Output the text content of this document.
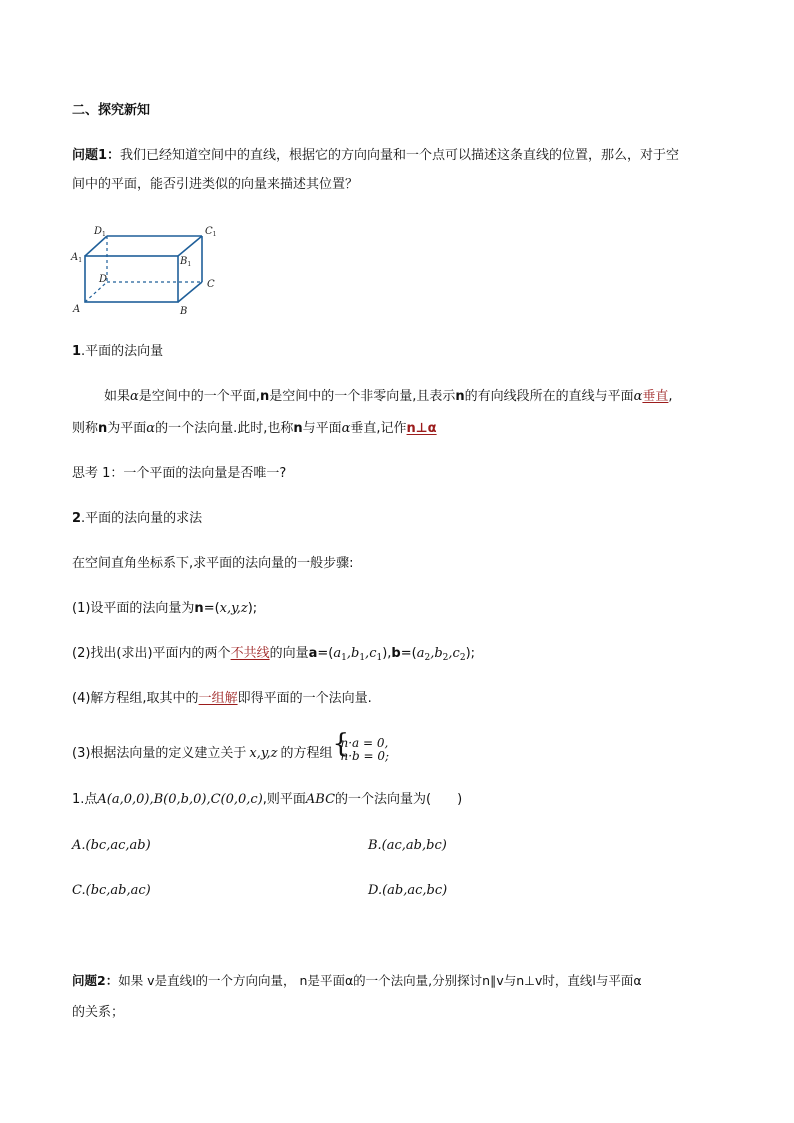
二、探究新知
问题1：我们已经知道空间中的直线，根据它的方向向量和一个点可以描述这条直线的位置，那么，对于空
间中的平面，能否引进类似的向量来描述其位置？
$D_1$	$C_1$
$A_1$	$B_1$
D	C
A	B
1.平面的法向量
如果α是空间中的一个平面,n是空间中的一个非零向量,且表示n的有向线段所在的直线与平面α垂直,
则称n为平面α的一个法向量.此时,也称n与平面α垂直,记作n⊥α
思考 1：一个平面的法向量是否唯一?
2.平面的法向量的求法
在空间直角坐标系下,求平面的法向量的一般步骤:
(1)设平面的法向量为n=(x,y,z);
(2)找出(求出)平面内的两个不共线的向量$a=(a_1,b_1,c_1),b=(a_2,b_2,c_2)$;
(4)解方程组,取其中的一组解即得平面的一个法向量.
(3)根据法向量的定义建立关于 x,y,z 的方程组 {
n·a = 0,
n·b = 0;
1.点A(a,0,0),B(0,b,0),C(0,0,c),则平面ABC的一个法向量为(　　)
A.(bc,ac,ab)	B.(ac,ab,bc)
C.(bc,ab,ac)	D.(ab,ac,bc)
问题2：如果 v是直线l的一个方向向量， n是平面α的一个法向量,分别探讨n∥v与n⊥v时，直线l与平面α
的关系；
